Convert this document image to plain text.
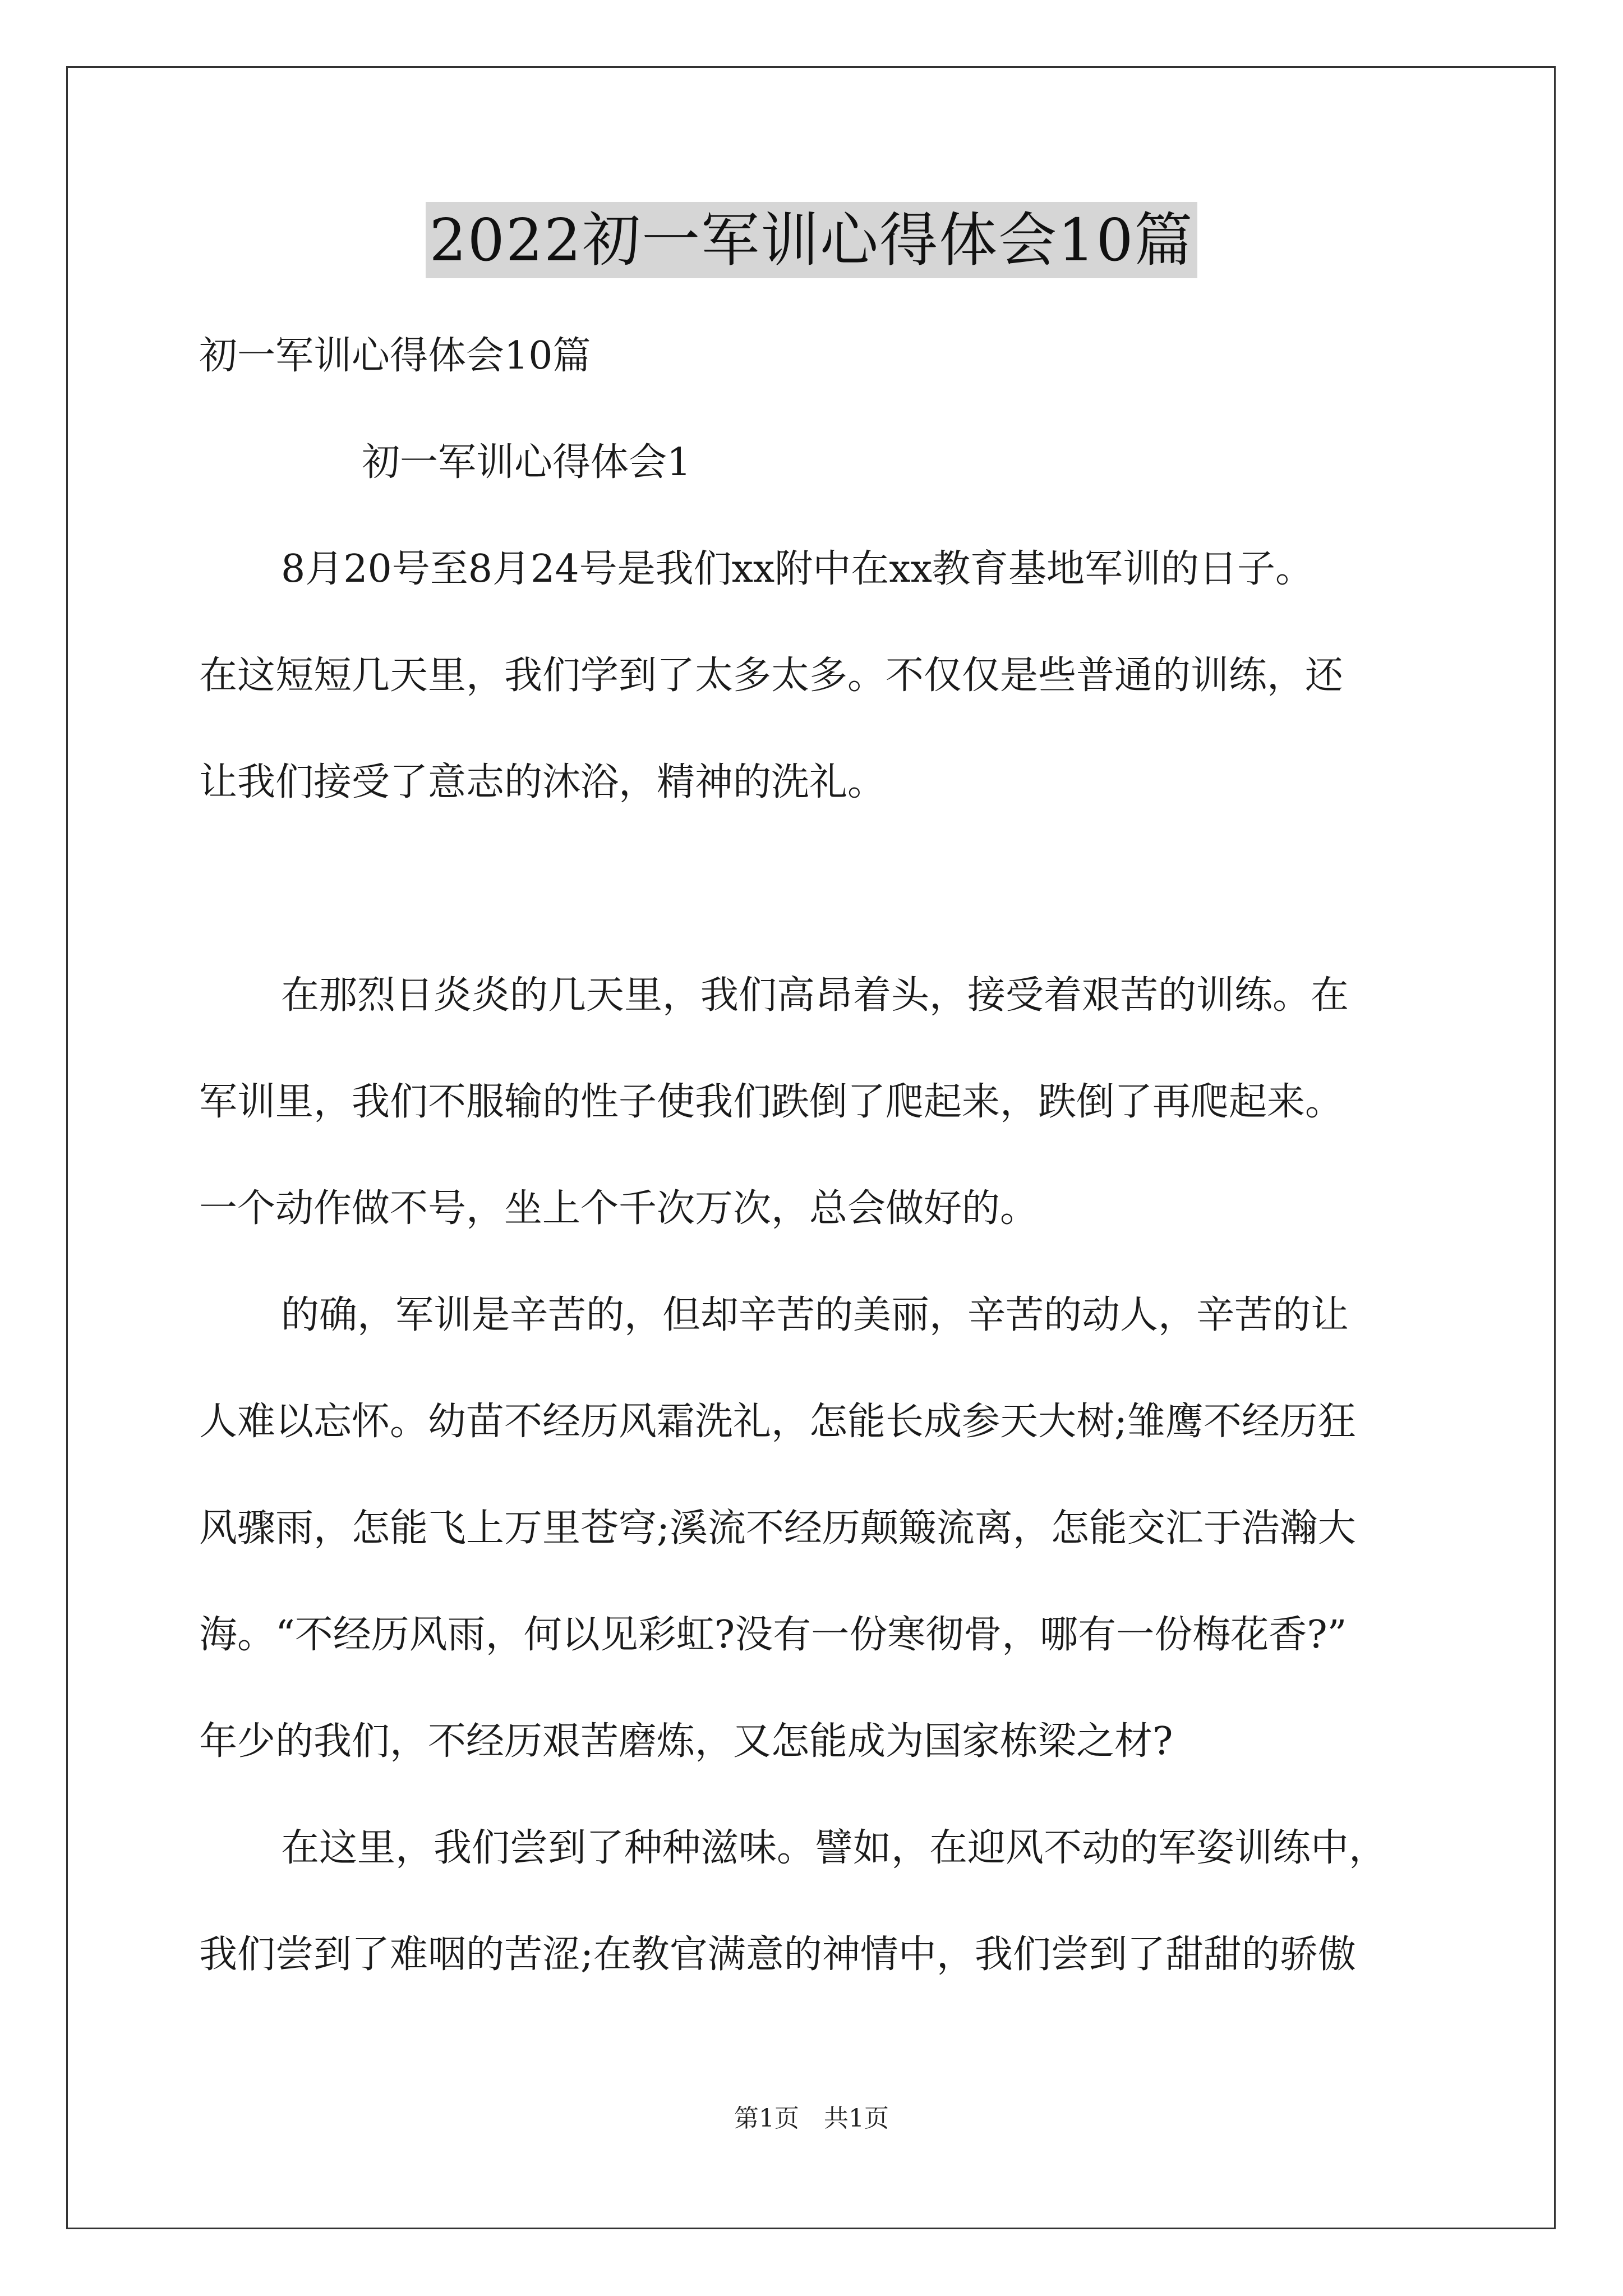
2022初一军训心得体会10篇
初一军训心得体会10篇
初一军训心得体会1
8月20号至8月24号是我们xx附中在xx教育基地军训的日子。
在这短短几天里，我们学到了太多太多。不仅仅是些普通的训练，还
让我们接受了意志的沐浴，精神的洗礼。
在那烈日炎炎的几天里，我们高昂着头，接受着艰苦的训练。在
军训里，我们不服输的性子使我们跌倒了爬起来，跌倒了再爬起来。
一个动作做不号，坐上个千次万次，总会做好的。
的确，军训是辛苦的，但却辛苦的美丽，辛苦的动人，辛苦的让
人难以忘怀。幼苗不经历风霜洗礼，怎能长成参天大树;雏鹰不经历狂
风骤雨，怎能飞上万里苍穹;溪流不经历颠簸流离，怎能交汇于浩瀚大
海。“不经历风雨，何以见彩虹?没有一份寒彻骨，哪有一份梅花香?”
年少的我们，不经历艰苦磨炼，又怎能成为国家栋梁之材?
在这里，我们尝到了种种滋味。譬如，在迎风不动的军姿训练中，
我们尝到了难咽的苦涩;在教官满意的神情中，我们尝到了甜甜的骄傲
第1页　共1页
